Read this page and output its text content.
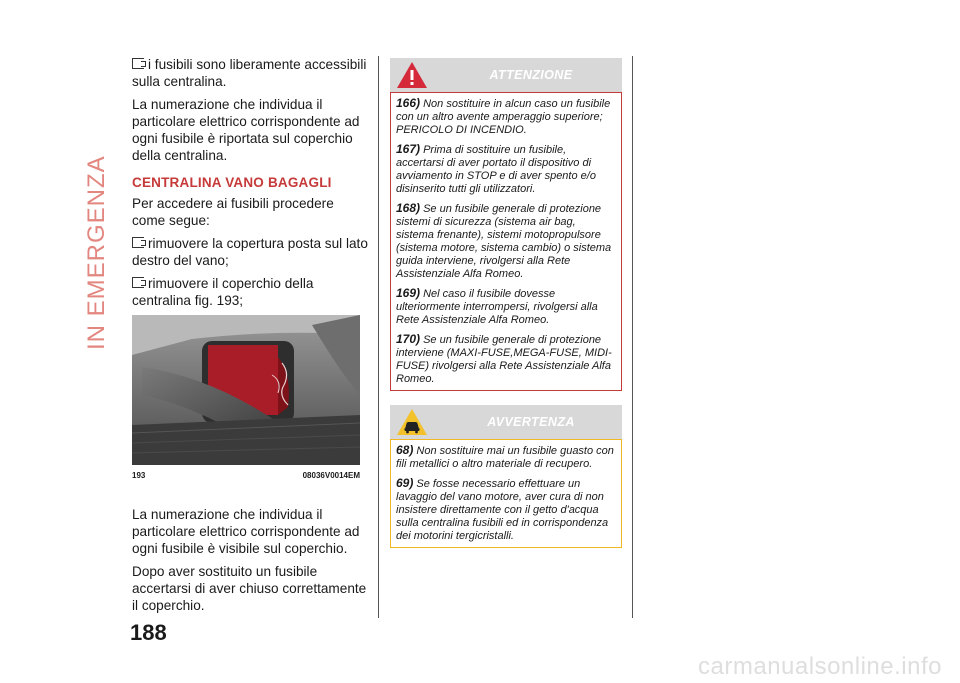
IN EMERGENZA

i fusibili sono liberamente accessibili sulla centralina.

La numerazione che individua il particolare elettrico corrispondente ad ogni fusibile è riportata sul coperchio della centralina.

CENTRALINA VANO BAGAGLI

Per accedere ai fusibili procedere come segue:

rimuovere la copertura posta sul lato destro del vano;

rimuovere il coperchio della centralina fig. 193;

193	08036V0014EM

La numerazione che individua il particolare elettrico corrispondente ad ogni fusibile è visibile sul coperchio.

Dopo aver sostituito un fusibile accertarsi di aver chiuso correttamente il coperchio.

ATTENZIONE

166) Non sostituire in alcun caso un fusibile con un altro avente amperaggio superiore; PERICOLO DI INCENDIO.

167) Prima di sostituire un fusibile, accertarsi di aver portato il dispositivo di avviamento in STOP e di aver spento e/o disinserito tutti gli utilizzatori.

168) Se un fusibile generale di protezione sistemi di sicurezza (sistema air bag, sistema frenante), sistemi motopropulsore (sistema motore, sistema cambio) o sistema guida interviene, rivolgersi alla Rete Assistenziale Alfa Romeo.

169) Nel caso il fusibile dovesse ulteriormente interrompersi, rivolgersi alla Rete Assistenziale Alfa Romeo.

170) Se un fusibile generale di protezione interviene (MAXI-FUSE,MEGA-FUSE, MIDI-FUSE) rivolgersi alla Rete Assistenziale Alfa Romeo.

AVVERTENZA

68) Non sostituire mai un fusibile guasto con fili metallici o altro materiale di recupero.

69) Se fosse necessario effettuare un lavaggio del vano motore, aver cura di non insistere direttamente con il getto d'acqua sulla centralina fusibili ed in corrispondenza dei motorini tergicristalli.

188
carmanualsonline.info
